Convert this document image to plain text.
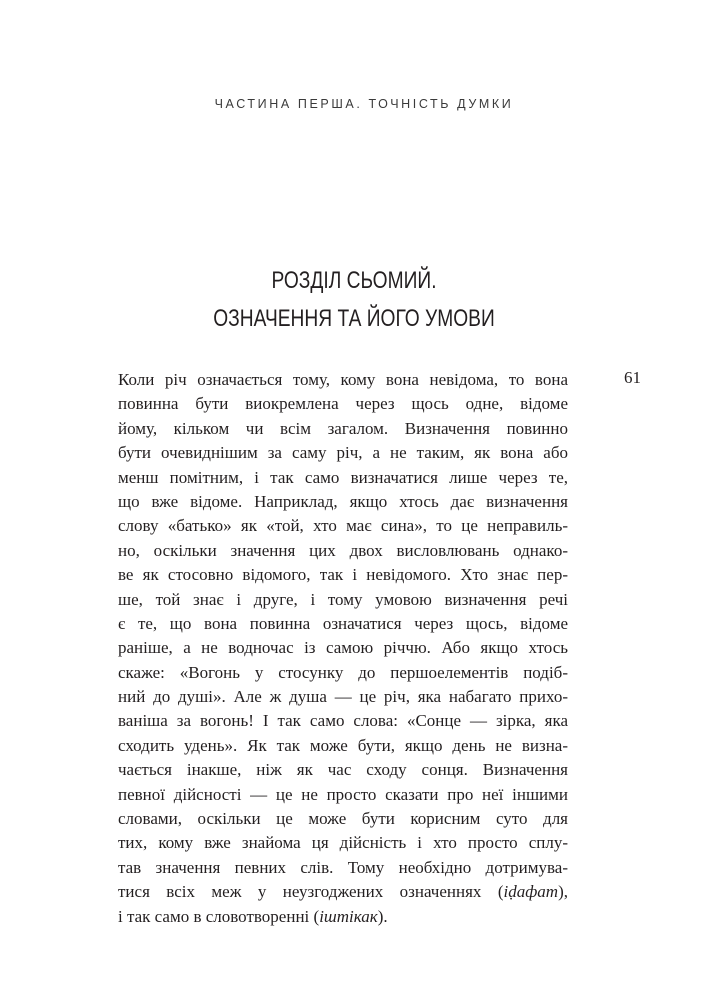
ЧАСТИНА ПЕРША. ТОЧНІСТЬ ДУМКИ
РОЗДІЛ СЬОМИЙ.
ОЗНАЧЕННЯ ТА ЙОГО УМОВИ
61
Коли річ означається тому, кому вона невідома, то вона
повинна бути виокремлена через щось одне, відоме
йому, кільком чи всім загалом. Визначення повинно
бути очевиднішим за саму річ, а не таким, як вона або
менш помітним, і так само визначатися лише через те,
що вже відоме. Наприклад, якщо хтось дає визначення
слову «батько» як «той, хто має сина», то це неправиль-
но, оскільки значення цих двох висловлювань однако-
ве як стосовно відомого, так і невідомого. Хто знає пер-
ше, той знає і друге, і тому умовою визначення речі
є те, що вона повинна означатися через щось, відоме
раніше, а не водночас із самою річчю. Або якщо хтось
скаже: «Вогонь у стосунку до першоелементів подіб-
ний до душі». Але ж душа — це річ, яка набагато прихо-
ваніша за вогонь! І так само слова: «Сонце — зірка, яка
сходить удень». Як так може бути, якщо день не визна-
чається інакше, ніж як час сходу сонця. Визначення
певної дійсності — це не просто сказати про неї іншими
словами, оскільки це може бути корисним суто для
тих, кому вже знайома ця дійсність і хто просто сплу-
тав значення певних слів. Тому необхідно дотримува-
тися всіх меж у неузгоджених означеннях (іḍафат),
і так само в словотворенні (іштікак).
